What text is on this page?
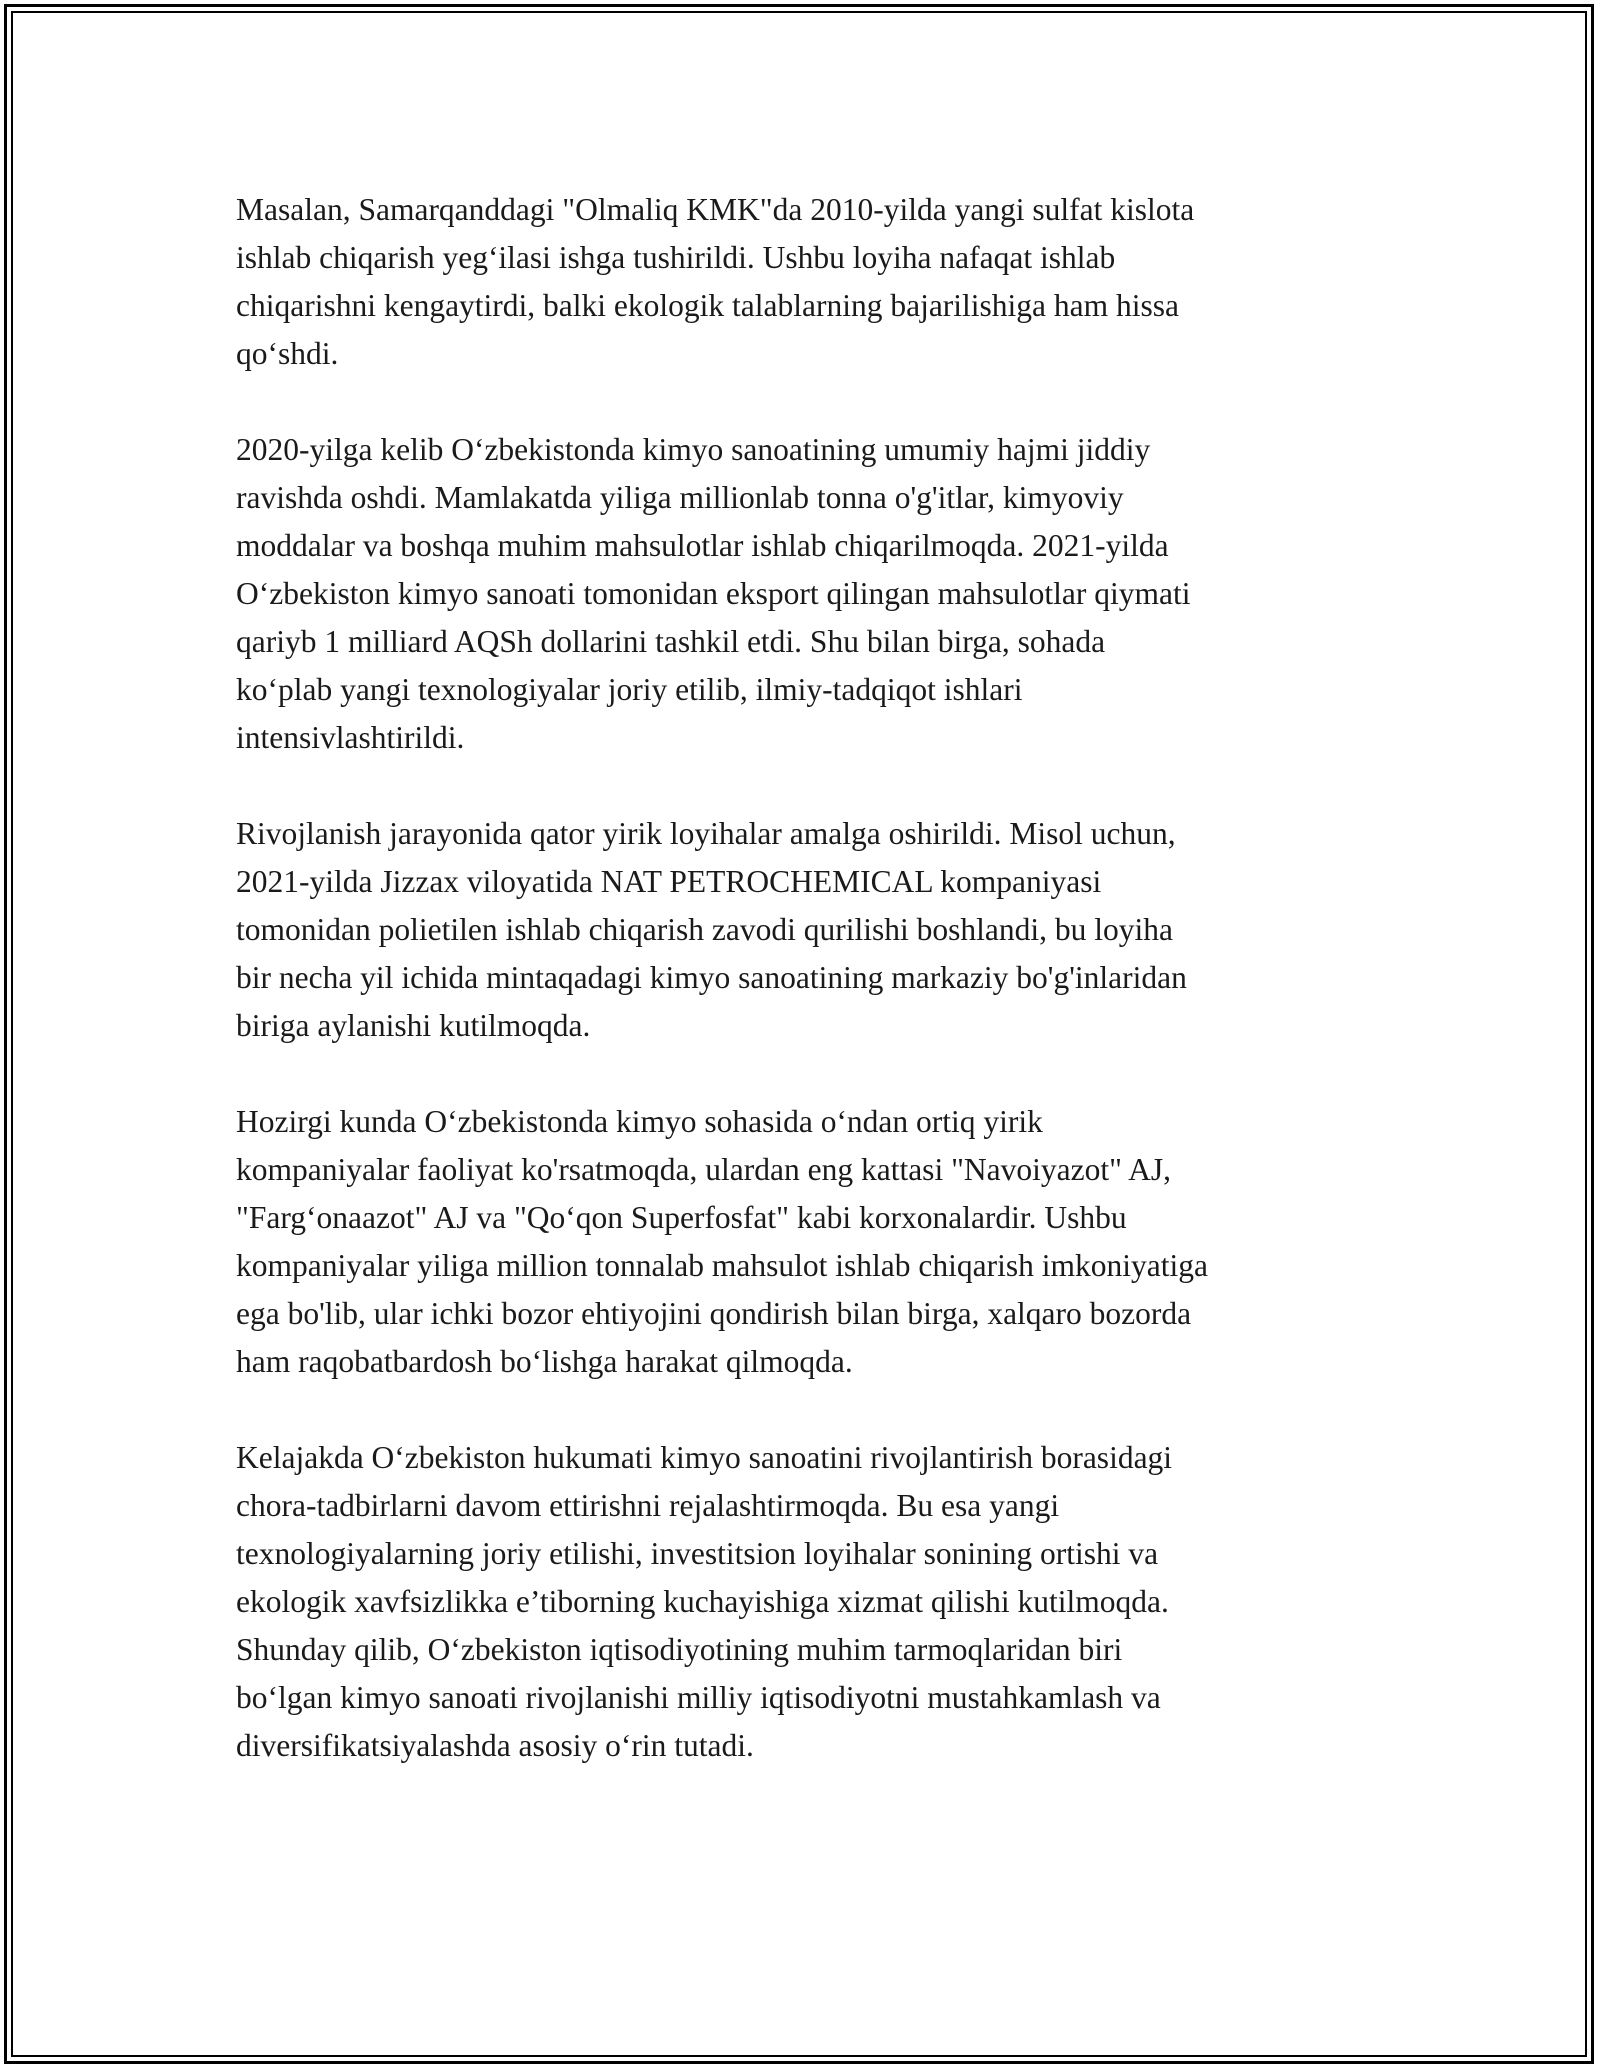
Masalan, Samarqanddagi "Olmaliq KMK"da 2010-yilda yangi sulfat kislota
ishlab chiqarish yeg‘ilasi ishga tushirildi. Ushbu loyiha nafaqat ishlab
chiqarishni kengaytirdi, balki ekologik talablarning bajarilishiga ham hissa
qo‘shdi.

2020-yilga kelib O‘zbekistonda kimyo sanoatining umumiy hajmi jiddiy
ravishda oshdi. Mamlakatda yiliga millionlab tonna o'g'itlar, kimyoviy
moddalar va boshqa muhim mahsulotlar ishlab chiqarilmoqda. 2021-yilda
O‘zbekiston kimyo sanoati tomonidan eksport qilingan mahsulotlar qiymati
qariyb 1 milliard AQSh dollarini tashkil etdi. Shu bilan birga, sohada
ko‘plab yangi texnologiyalar joriy etilib, ilmiy-tadqiqot ishlari
intensivlashtirildi.

Rivojlanish jarayonida qator yirik loyihalar amalga oshirildi. Misol uchun,
2021-yilda Jizzax viloyatida NAT PETROCHEMICAL kompaniyasi
tomonidan polietilen ishlab chiqarish zavodi qurilishi boshlandi, bu loyiha
bir necha yil ichida mintaqadagi kimyo sanoatining markaziy bo'g'inlaridan
biriga aylanishi kutilmoqda.

Hozirgi kunda O‘zbekistonda kimyo sohasida o‘ndan ortiq yirik
kompaniyalar faoliyat ko'rsatmoqda, ulardan eng kattasi "Navoiyazot" AJ,
"Farg‘onaazot" AJ va "Qo‘qon Superfosfat" kabi korxonalardir. Ushbu
kompaniyalar yiliga million tonnalab mahsulot ishlab chiqarish imkoniyatiga
ega bo'lib, ular ichki bozor ehtiyojini qondirish bilan birga, xalqaro bozorda
ham raqobatbardosh bo‘lishga harakat qilmoqda.

Kelajakda O‘zbekiston hukumati kimyo sanoatini rivojlantirish borasidagi
chora-tadbirlarni davom ettirishni rejalashtirmoqda. Bu esa yangi
texnologiyalarning joriy etilishi, investitsion loyihalar sonining ortishi va
ekologik xavfsizlikka e’tiborning kuchayishiga xizmat qilishi kutilmoqda.
Shunday qilib, O‘zbekiston iqtisodiyotining muhim tarmoqlaridan biri
bo‘lgan kimyo sanoati rivojlanishi milliy iqtisodiyotni mustahkamlash va
diversifikatsiyalashda asosiy o‘rin tutadi.
